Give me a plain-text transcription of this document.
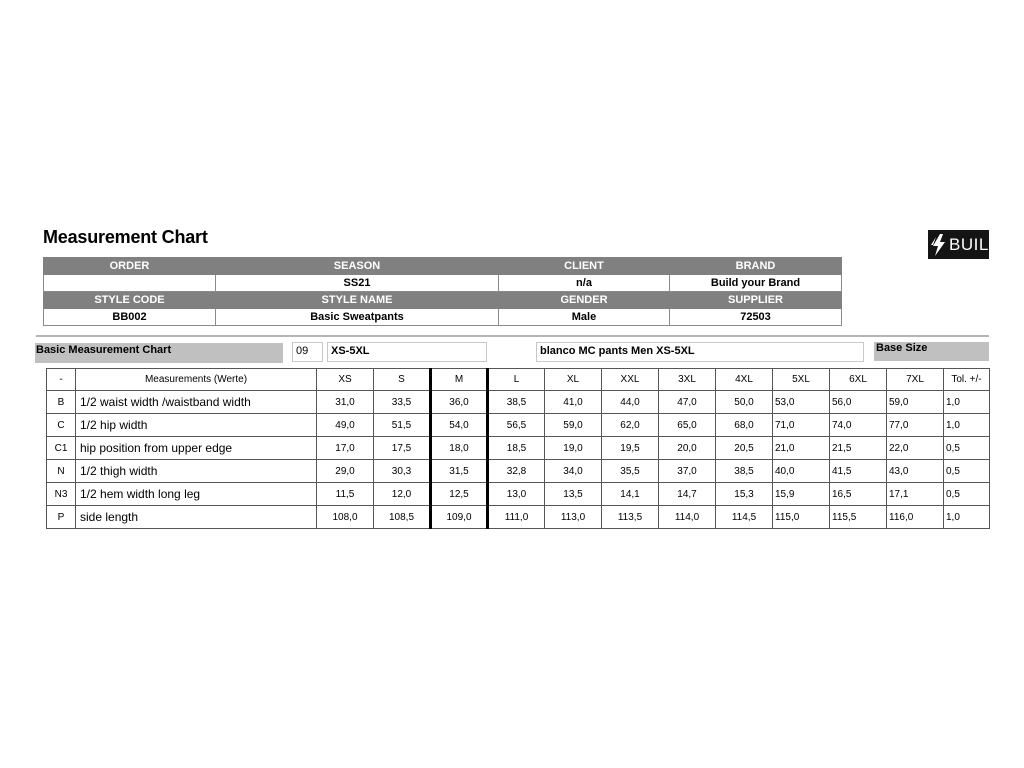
Measurement Chart	BUILD
ORDER	SEASON	CLIENT	BRAND
	SS21	n/a	Build your Brand
STYLE CODE	STYLE NAME	GENDER	SUPPLIER
BB002	Basic Sweatpants	Male	72503
Basic Measurement Chart	09	XS-5XL	blanco MC pants Men XS-5XL	Base Size
-	Measurements (Werte)	XS	S	M	L	XL	XXL	3XL	4XL	5XL	6XL	7XL	Tol. +/-
B	1/2 waist width /waistband width	31,0	33,5	36,0	38,5	41,0	44,0	47,0	50,0	53,0	56,0	59,0	1,0
C	1/2 hip width	49,0	51,5	54,0	56,5	59,0	62,0	65,0	68,0	71,0	74,0	77,0	1,0
C1	hip position from upper edge	17,0	17,5	18,0	18,5	19,0	19,5	20,0	20,5	21,0	21,5	22,0	0,5
N	1/2 thigh width	29,0	30,3	31,5	32,8	34,0	35,5	37,0	38,5	40,0	41,5	43,0	0,5
N3	1/2 hem width long leg	11,5	12,0	12,5	13,0	13,5	14,1	14,7	15,3	15,9	16,5	17,1	0,5
P	side length	108,0	108,5	109,0	111,0	113,0	113,5	114,0	114,5	115,0	115,5	116,0	1,0
